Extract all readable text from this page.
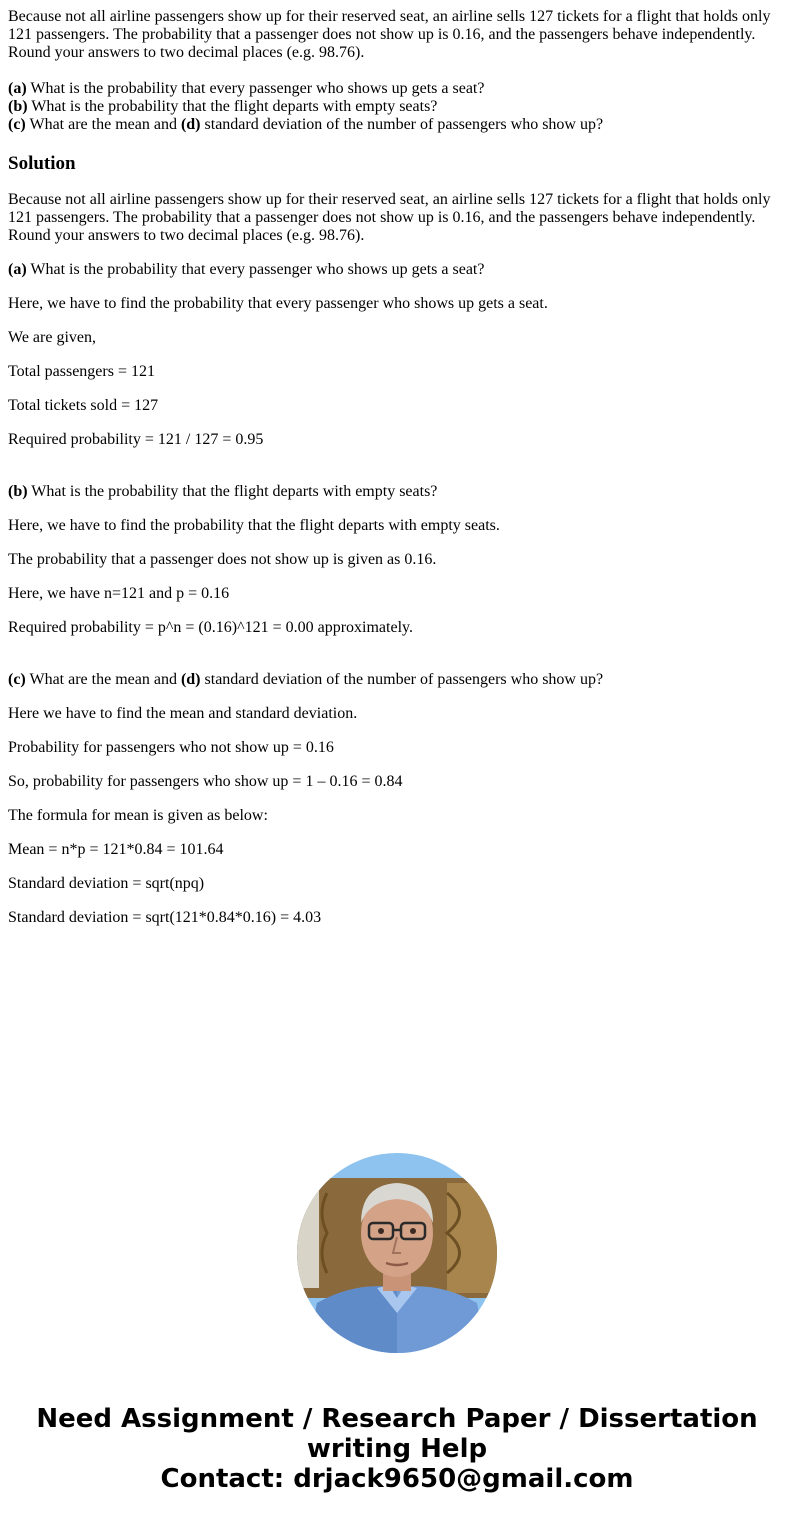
Because not all airline passengers show up for their reserved seat, an airline sells 127 tickets for a flight that holds only 121 passengers. The probability that a passenger does not show up is 0.16, and the passengers behave independently. Round your answers to two decimal places (e.g. 98.76).

(a) What is the probability that every passenger who shows up gets a seat?

(b) What is the probability that the flight departs with empty seats?

(c) What are the mean and (d) standard deviation of the number of passengers who show up?

Solution

Because not all airline passengers show up for their reserved seat, an airline sells 127 tickets for a flight that holds only 121 passengers. The probability that a passenger does not show up is 0.16, and the passengers behave independently. Round your answers to two decimal places (e.g. 98.76).

(a) What is the probability that every passenger who shows up gets a seat?

Here, we have to find the probability that every passenger who shows up gets a seat.

We are given,

Total passengers = 121

Total tickets sold = 127

Required probability = 121 / 127 = 0.95

(b) What is the probability that the flight departs with empty seats?

Here, we have to find the probability that the flight departs with empty seats.

The probability that a passenger does not show up is given as 0.16.

Here, we have n=121 and p = 0.16

Required probability = p^n = (0.16)^121 = 0.00 approximately.

(c) What are the mean and (d) standard deviation of the number of passengers who show up?

Here we have to find the mean and standard deviation.

Probability for passengers who not show up = 0.16

So, probability for passengers who show up = 1 – 0.16 = 0.84

The formula for mean is given as below:

Mean = n*p = 121*0.84 = 101.64

Standard deviation = sqrt(npq)

Standard deviation = sqrt(121*0.84*0.16) = 4.03

Need Assignment / Research Paper / Dissertation
writing Help
Contact: drjack9650@gmail.com
